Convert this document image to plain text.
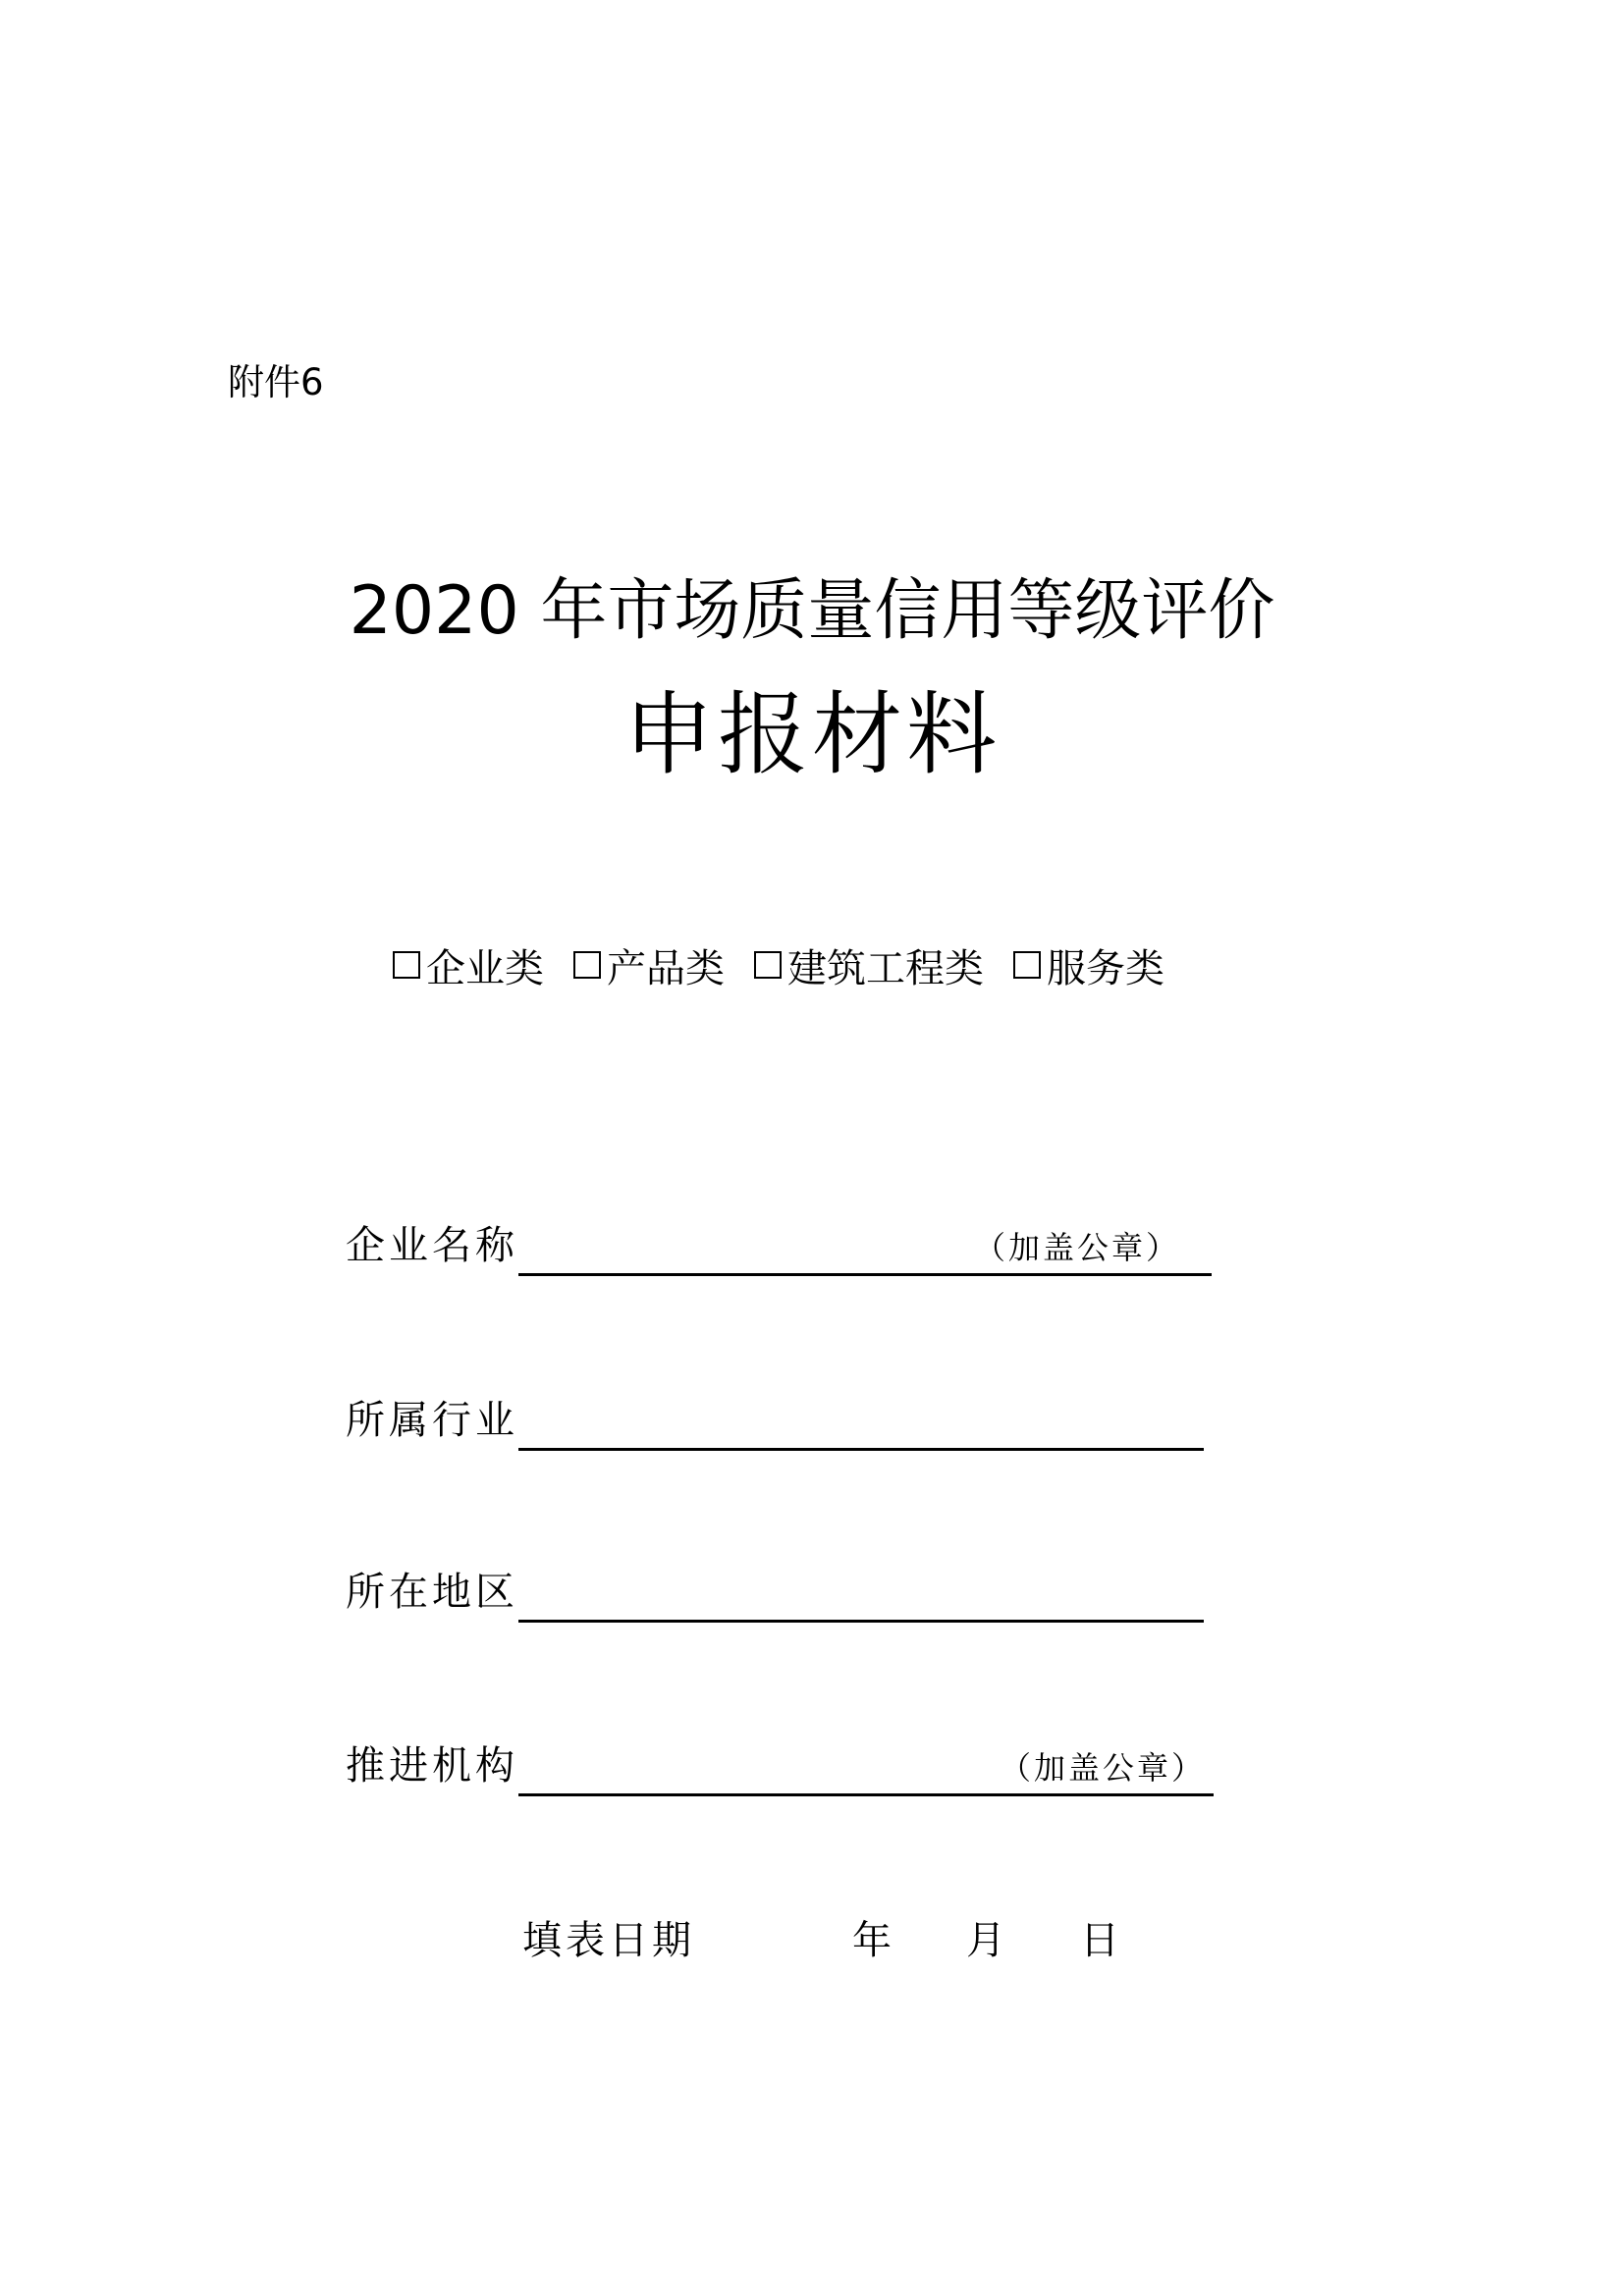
附件6
2020 年市场质量信用等级评价
申报材料
企业类 产品类 建筑工程类 服务类
企业名称	（加盖公章）
所属行业
所在地区
推进机构	（加盖公章）
填表日期	年 月 日
